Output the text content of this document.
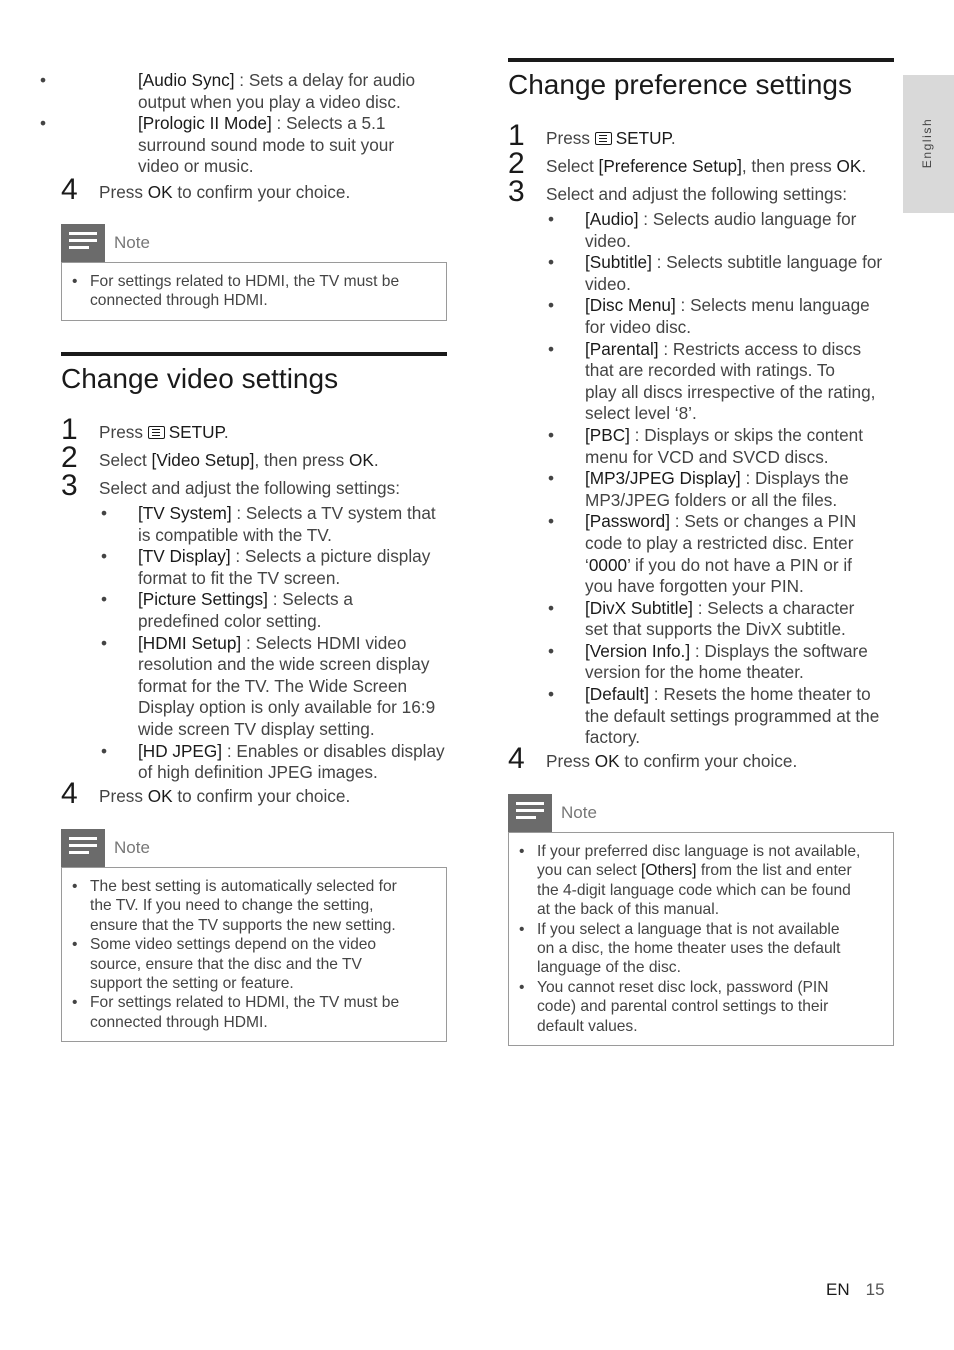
•	[Audio Sync] : Sets a delay for audio
output when you play a video disc.
•	[Prologic II Mode] : Selects a 5.1
surround sound mode to suit your
video or music.
4 Press OK to confirm your choice.
Note
• For settings related to HDMI, the TV must be
connected through HDMI.
Change video settings
1 Press SETUP.
2 Select [Video Setup], then press OK.
3 Select and adjust the following settings:
• [TV System] : Selects a TV system that
is compatible with the TV.
• [TV Display] : Selects a picture display
format to fit the TV screen.
• [Picture Settings] : Selects a
predefined color setting.
• [HDMI Setup] : Selects HDMI video
resolution and the wide screen display
format for the TV. The Wide Screen
Display option is only available for 16:9
wide screen TV display setting.
• [HD JPEG] : Enables or disables display
of high definition JPEG images.
4 Press OK to confirm your choice.
Note
• The best setting is automatically selected for
the TV. If you need to change the setting,
ensure that the TV supports the new setting.
• Some video settings depend on the video
source, ensure that the disc and the TV
support the setting or feature.
• For settings related to HDMI, the TV must be
connected through HDMI.
Change preference settings
1 Press SETUP.
2 Select [Preference Setup], then press OK.
3 Select and adjust the following settings:
• [Audio] : Selects audio language for
video.
• [Subtitle] : Selects subtitle language for
video.
• [Disc Menu] : Selects menu language
for video disc.
• [Parental] : Restricts access to discs
that are recorded with ratings. To
play all discs irrespective of the rating,
select level ‘8’.
• [PBC] : Displays or skips the content
menu for VCD and SVCD discs.
• [MP3/JPEG Display] : Displays the
MP3/JPEG folders or all the files.
• [Password] : Sets or changes a PIN
code to play a restricted disc. Enter
‘0000’ if you do not have a PIN or if
you have forgotten your PIN.
• [DivX Subtitle] : Selects a character
set that supports the DivX subtitle.
• [Version Info.] : Displays the software
version for the home theater.
• [Default] : Resets the home theater to
the default settings programmed at the
factory.
4 Press OK to confirm your choice.
Note
• If your preferred disc language is not available,
you can select [Others] from the list and enter
the 4-digit language code which can be found
at the back of this manual.
• If you select a language that is not available
on a disc, the home theater uses the default
language of the disc.
• You cannot reset disc lock, password (PIN
code) and parental control settings to their
default values.
English
EN 15
